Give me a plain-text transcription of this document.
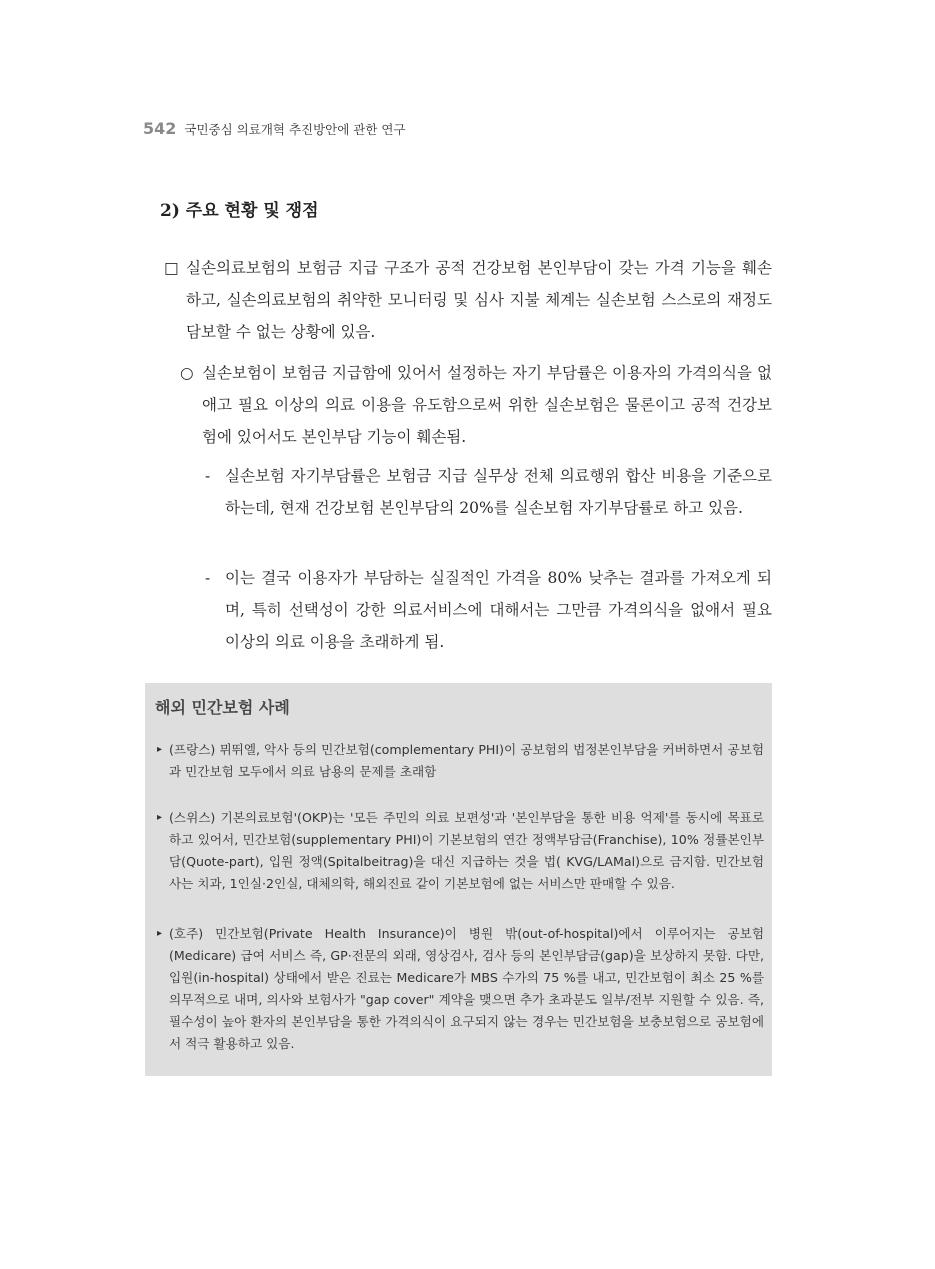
542 국민중심 의료개혁 추진방안에 관한 연구
2) 주요 현황 및 쟁점
□ 실손의료보험의 보험금 지급 구조가 공적 건강보험 본인부담이 갖는 가격 기능을 훼손하고, 실손의료보험의 취약한 모니터링 및 심사 지불 체계는 실손보험 스스로의 재정도 담보할 수 없는 상황에 있음.
○ 실손보험이 보험금 지급함에 있어서 설정하는 자기 부담률은 이용자의 가격의식을 없애고 필요 이상의 의료 이용을 유도함으로써 위한 실손보험은 물론이고 공적 건강보험에 있어서도 본인부담 기능이 훼손됨.
- 실손보험 자기부담률은 보험금 지급 실무상 전체 의료행위 합산 비용을 기준으로 하는데, 현재 건강보험 본인부담의 20%를 실손보험 자기부담률로 하고 있음.
- 이는 결국 이용자가 부담하는 실질적인 가격을 80% 낮추는 결과를 가져오게 되며, 특히 선택성이 강한 의료서비스에 대해서는 그만큼 가격의식을 없애서 필요 이상의 의료 이용을 초래하게 됨.
해외 민간보험 사례
▸ (프랑스) 뮈뛰엘, 악사 등의 민간보험(complementary PHI)이 공보험의 법정본인부담을 커버하면서 공보험과 민간보험 모두에서 의료 남용의 문제를 초래함
▸ (스위스) 기본의료보험'(OKP)는 '모든 주민의 의료 보편성'과 '본인부담을 통한 비용 억제'를 동시에 목표로 하고 있어서, 민간보험(supplementary PHI)이 기본보험의 연간 정액부담금(Franchise), 10% 정률본인부담(Quote-part), 입원 정액(Spitalbeitrag)을 대신 지급하는 것을 법( KVG/LAMal)으로 금지함. 민간보험사는 치과, 1인실·2인실, 대체의학, 해외진료 같이 기본보험에 없는 서비스만 판매할 수 있음.
▸ (호주) 민간보험(Private Health Insurance)이 병원 밖(out-of-hospital)에서 이루어지는 공보험(Medicare) 급여 서비스 즉, GP·전문의 외래, 영상검사, 검사 등의 본인부담금(gap)을 보상하지 못함. 다만, 입원(in-hospital) 상태에서 받은 진료는 Medicare가 MBS 수가의 75 %를 내고, 민간보험이 최소 25 %를 의무적으로 내며, 의사와 보험사가 "gap cover" 계약을 맺으면 추가 초과분도 일부/전부 지원할 수 있음. 즉, 필수성이 높아 환자의 본인부담을 통한 가격의식이 요구되지 않는 경우는 민간보험을 보충보험으로 공보험에서 적극 활용하고 있음.
